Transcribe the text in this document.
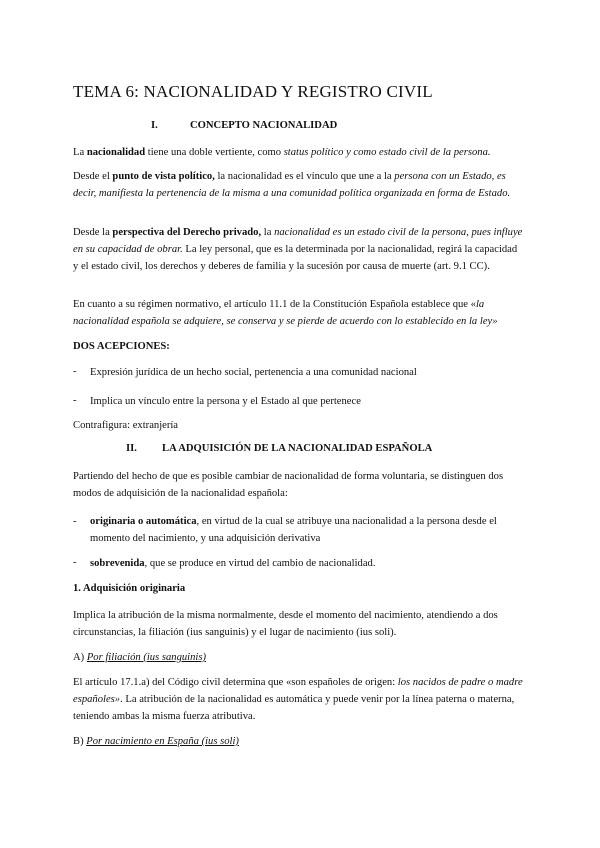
TEMA 6: NACIONALIDAD Y REGISTRO CIVIL
I.	CONCEPTO NACIONALIDAD

La nacionalidad tiene una doble vertiente, como status político y como estado civil de la persona.

Desde el punto de vista político, la nacionalidad es el vínculo que une a la persona con un Estado, es decir, manifiesta la pertenencia de la misma a una comunidad política organizada en forma de Estado.

Desde la perspectiva del Derecho privado, la nacionalidad es un estado civil de la persona, pues influye en su capacidad de obrar. La ley personal, que es la determinada por la nacionalidad, regirá la capacidad y el estado civil, los derechos y deberes de familia y la sucesión por causa de muerte (art. 9.1 CC).

En cuanto a su régimen normativo, el artículo 11.1 de la Constitución Española establece que «la nacionalidad española se adquiere, se conserva y se pierde de acuerdo con lo establecido en la ley»

DOS ACEPCIONES:

- Expresión jurídica de un hecho social, pertenencia a una comunidad nacional

- Implica un vínculo entre la persona y el Estado al que pertenece

Contrafigura: extranjería

II. LA ADQUISICIÓN DE LA NACIONALIDAD ESPAÑOLA

Partiendo del hecho de que es posible cambiar de nacionalidad de forma voluntaria, se distinguen dos modos de adquisición de la nacionalidad española:

- originaria o automática, en virtud de la cual se atribuye una nacionalidad a la persona desde el momento del nacimiento, y una adquisición derivativa

- sobrevenida, que se produce en virtud del cambio de nacionalidad.

1. Adquisición originaria

Implica la atribución de la misma normalmente, desde el momento del nacimiento, atendiendo a dos circunstancias, la filiación (ius sanguinis) y el lugar de nacimiento (ius soli).

A) Por filiación (ius sanguinis)

El artículo 17.1.a) del Código civil determina que «son españoles de origen: los nacidos de padre o madre españoles». La atribución de la nacionalidad es automática y puede venir por la línea paterna o materna, teniendo ambas la misma fuerza atributiva.

B) Por nacimiento en España (ius soli)
